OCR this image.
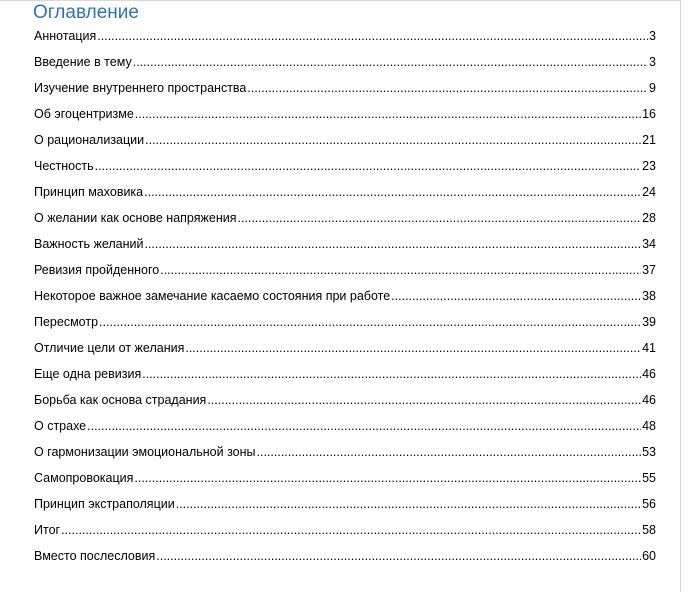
Оглавление
Аннотация .....	3
Введение в тему .....	3
Изучение внутреннего пространства .....	9
Об эгоцентризме .....	16
О рационализации .....	21
Честность .....	23
Принцип маховика .....	24
О желании как основе напряжения .....	28
Важность желаний .....	34
Ревизия пройденного .....	37
Некоторое важное замечание касаемо состояния при работе .....	38
Пересмотр .....	39
Отличие цели от желания .....	41
Еще одна ревизия .....	46
Борьба как основа страдания .....	46
О страхе .....	48
О гармонизации эмоциональной зоны .....	53
Самопровокация .....	55
Принцип экстраполяции .....	56
Итог .....	58
Вместо послесловия .....	60
